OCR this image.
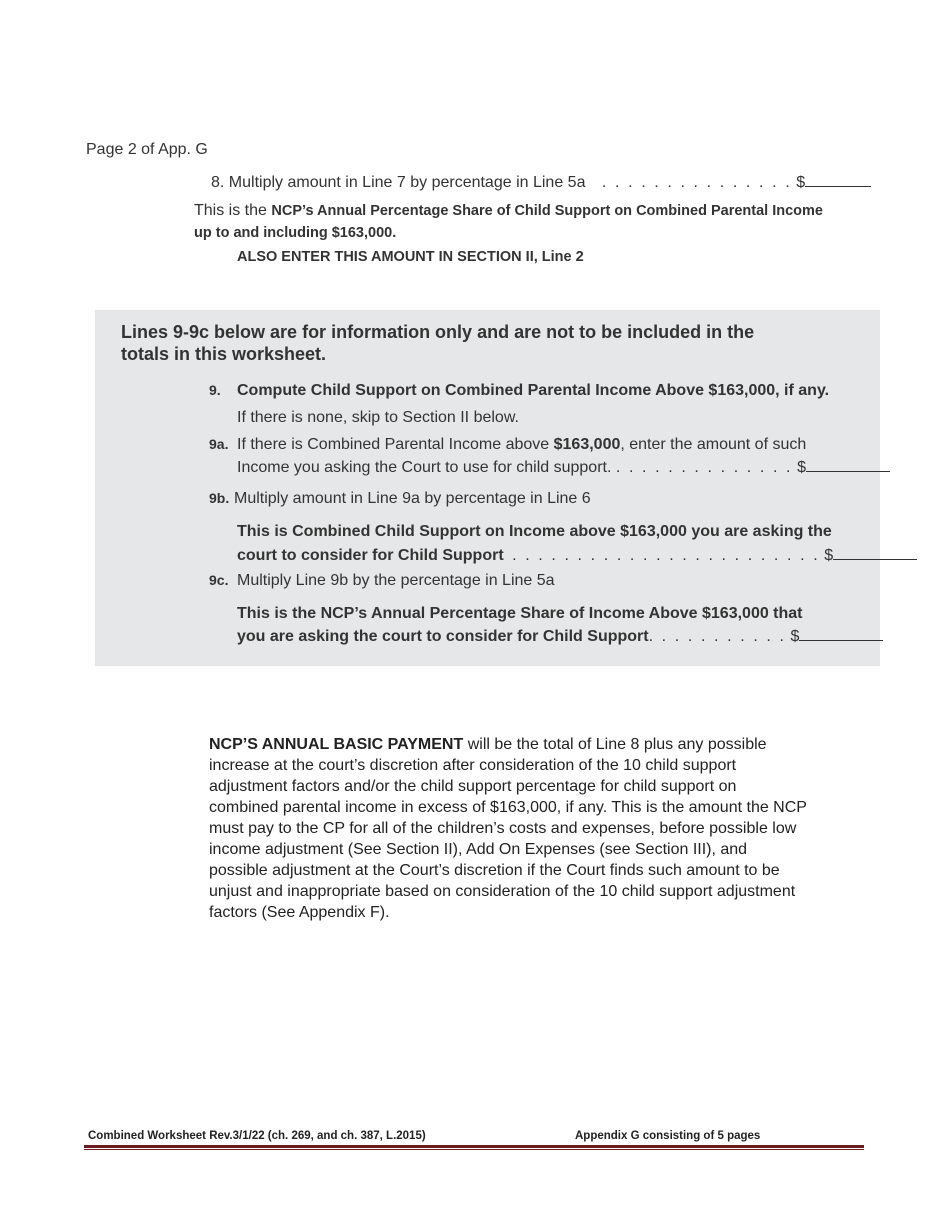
Page 2 of App. G
8. Multiply amount in Line 7 by percentage in Line 5a . . . . . . . . . . . . . . . $
This is the NCP’s Annual Percentage Share of Child Support on Combined Parental Income up to and including $163,000.
ALSO ENTER THIS AMOUNT IN SECTION II, Line 2
Lines 9-9c below are for information only and are not to be included in the totals in this worksheet.
9. Compute Child Support on Combined Parental Income Above $163,000, if any.
If there is none, skip to Section II below.
9a. If there is Combined Parental Income above $163,000, enter the amount of such
Income you asking the Court to use for child support. . . . . . . . . . . . . . . $
9b. Multiply amount in Line 9a by percentage in Line 6
This is Combined Child Support on Income above $163,000 you are asking the
court to consider for Child Support . . . . . . . . . . . . . . . . . . . . . . . . $
9c. Multiply Line 9b by the percentage in Line 5a
This is the NCP’s Annual Percentage Share of Income Above $163,000 that
you are asking the court to consider for Child Support. . . . . . . . . . . $
NCP’S ANNUAL BASIC PAYMENT will be the total of Line 8 plus any possible increase at the court’s discretion after consideration of the 10 child support adjustment factors and/or the child support percentage for child support on combined parental income in excess of $163,000, if any. This is the amount the NCP must pay to the CP for all of the children’s costs and expenses, before possible low income adjustment (See Section II), Add On Expenses (see Section III), and possible adjustment at the Court’s discretion if the Court finds such amount to be unjust and inappropriate based on consideration of the 10 child support adjustment factors (See Appendix F).
Combined Worksheet Rev.3/1/22 (ch. 269, and ch. 387, L.2015)	Appendix G consisting of 5 pages
